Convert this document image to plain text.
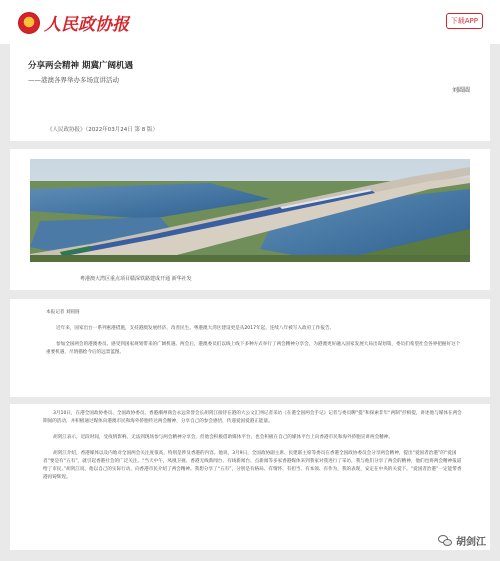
人民政协报	下载APP
分享两会精神 期冀广阔机遇
——港澳各界举办多场宣讲活动
刘圆圆
《人民政协报》（2022年03月24日 第 8 版）
粤港澳大湾区重点项目赣深铁路建成开通 新华社发
本报记者 刘圆圆
近年来，国家出台一系列惠港措施，支持港澳发展经济、改善民生。粤港澳大湾区建设更是从2017年起，连续八年被写入政府工作报告。
参加全国两会的港澳委员、感受到国家规划带来的广阔机遇。两会后，港澳委员们以线上线下多种方式举行了两会精神分享会，为港澳更好融入国家发展大局出谋划策，委员们希望社会各界把握好这个重要机遇，尽情描绘今后的远景蓝图。
3月10日，在港全国政协委员、全国政协委员、香港潮州商会永远荣誉会长胡剑江接待在港的大公文汇网记者采访《在港全国两会手记》记者与委员聊“提”和探索非年“两制”抒相提，讲述他与媒体在两会期间的活动，并积极通过媒体向港澳市民和海外侨胞传达两会精神，分享自己的参会感悟，传递爱国爱港正能量。
胡剑江表示，近段时间，受疫情影响，无法到现场参与两会精神分享会，但他会积极借助媒体平台，也会积极在自己的媒体平台上向香港市民和海外侨胞宣讲两会精神。
胡剑江介绍，香港媒体以及内地对全国两会关注度很高，特别是涉及香港的内容。他说，3月9日，全国政协副主席、民建联主席等委员在香港全国政协委员会分享两会精神，提出“爱国者治港”的“爱国者”要是有“五有”，就引起香港社会的广泛关注。“当天中午，凤凰卫视、香港无线新闻台、有线新闻台、点新闻等多家香港媒体来到我家对我进行了采访，我与他们分享了两会的精神，他们也将两会精神报道给了市民。”胡剑江说，他以自己的实际行动，向香港市民介绍了两会精神。我想分享了“五有”，分别是有格局、有情怀、有担当、有本领、有作为，我的表现，安定在中央的关爱下。“爱国者治港”一定能带香港再铸辉煌。
胡剑江
